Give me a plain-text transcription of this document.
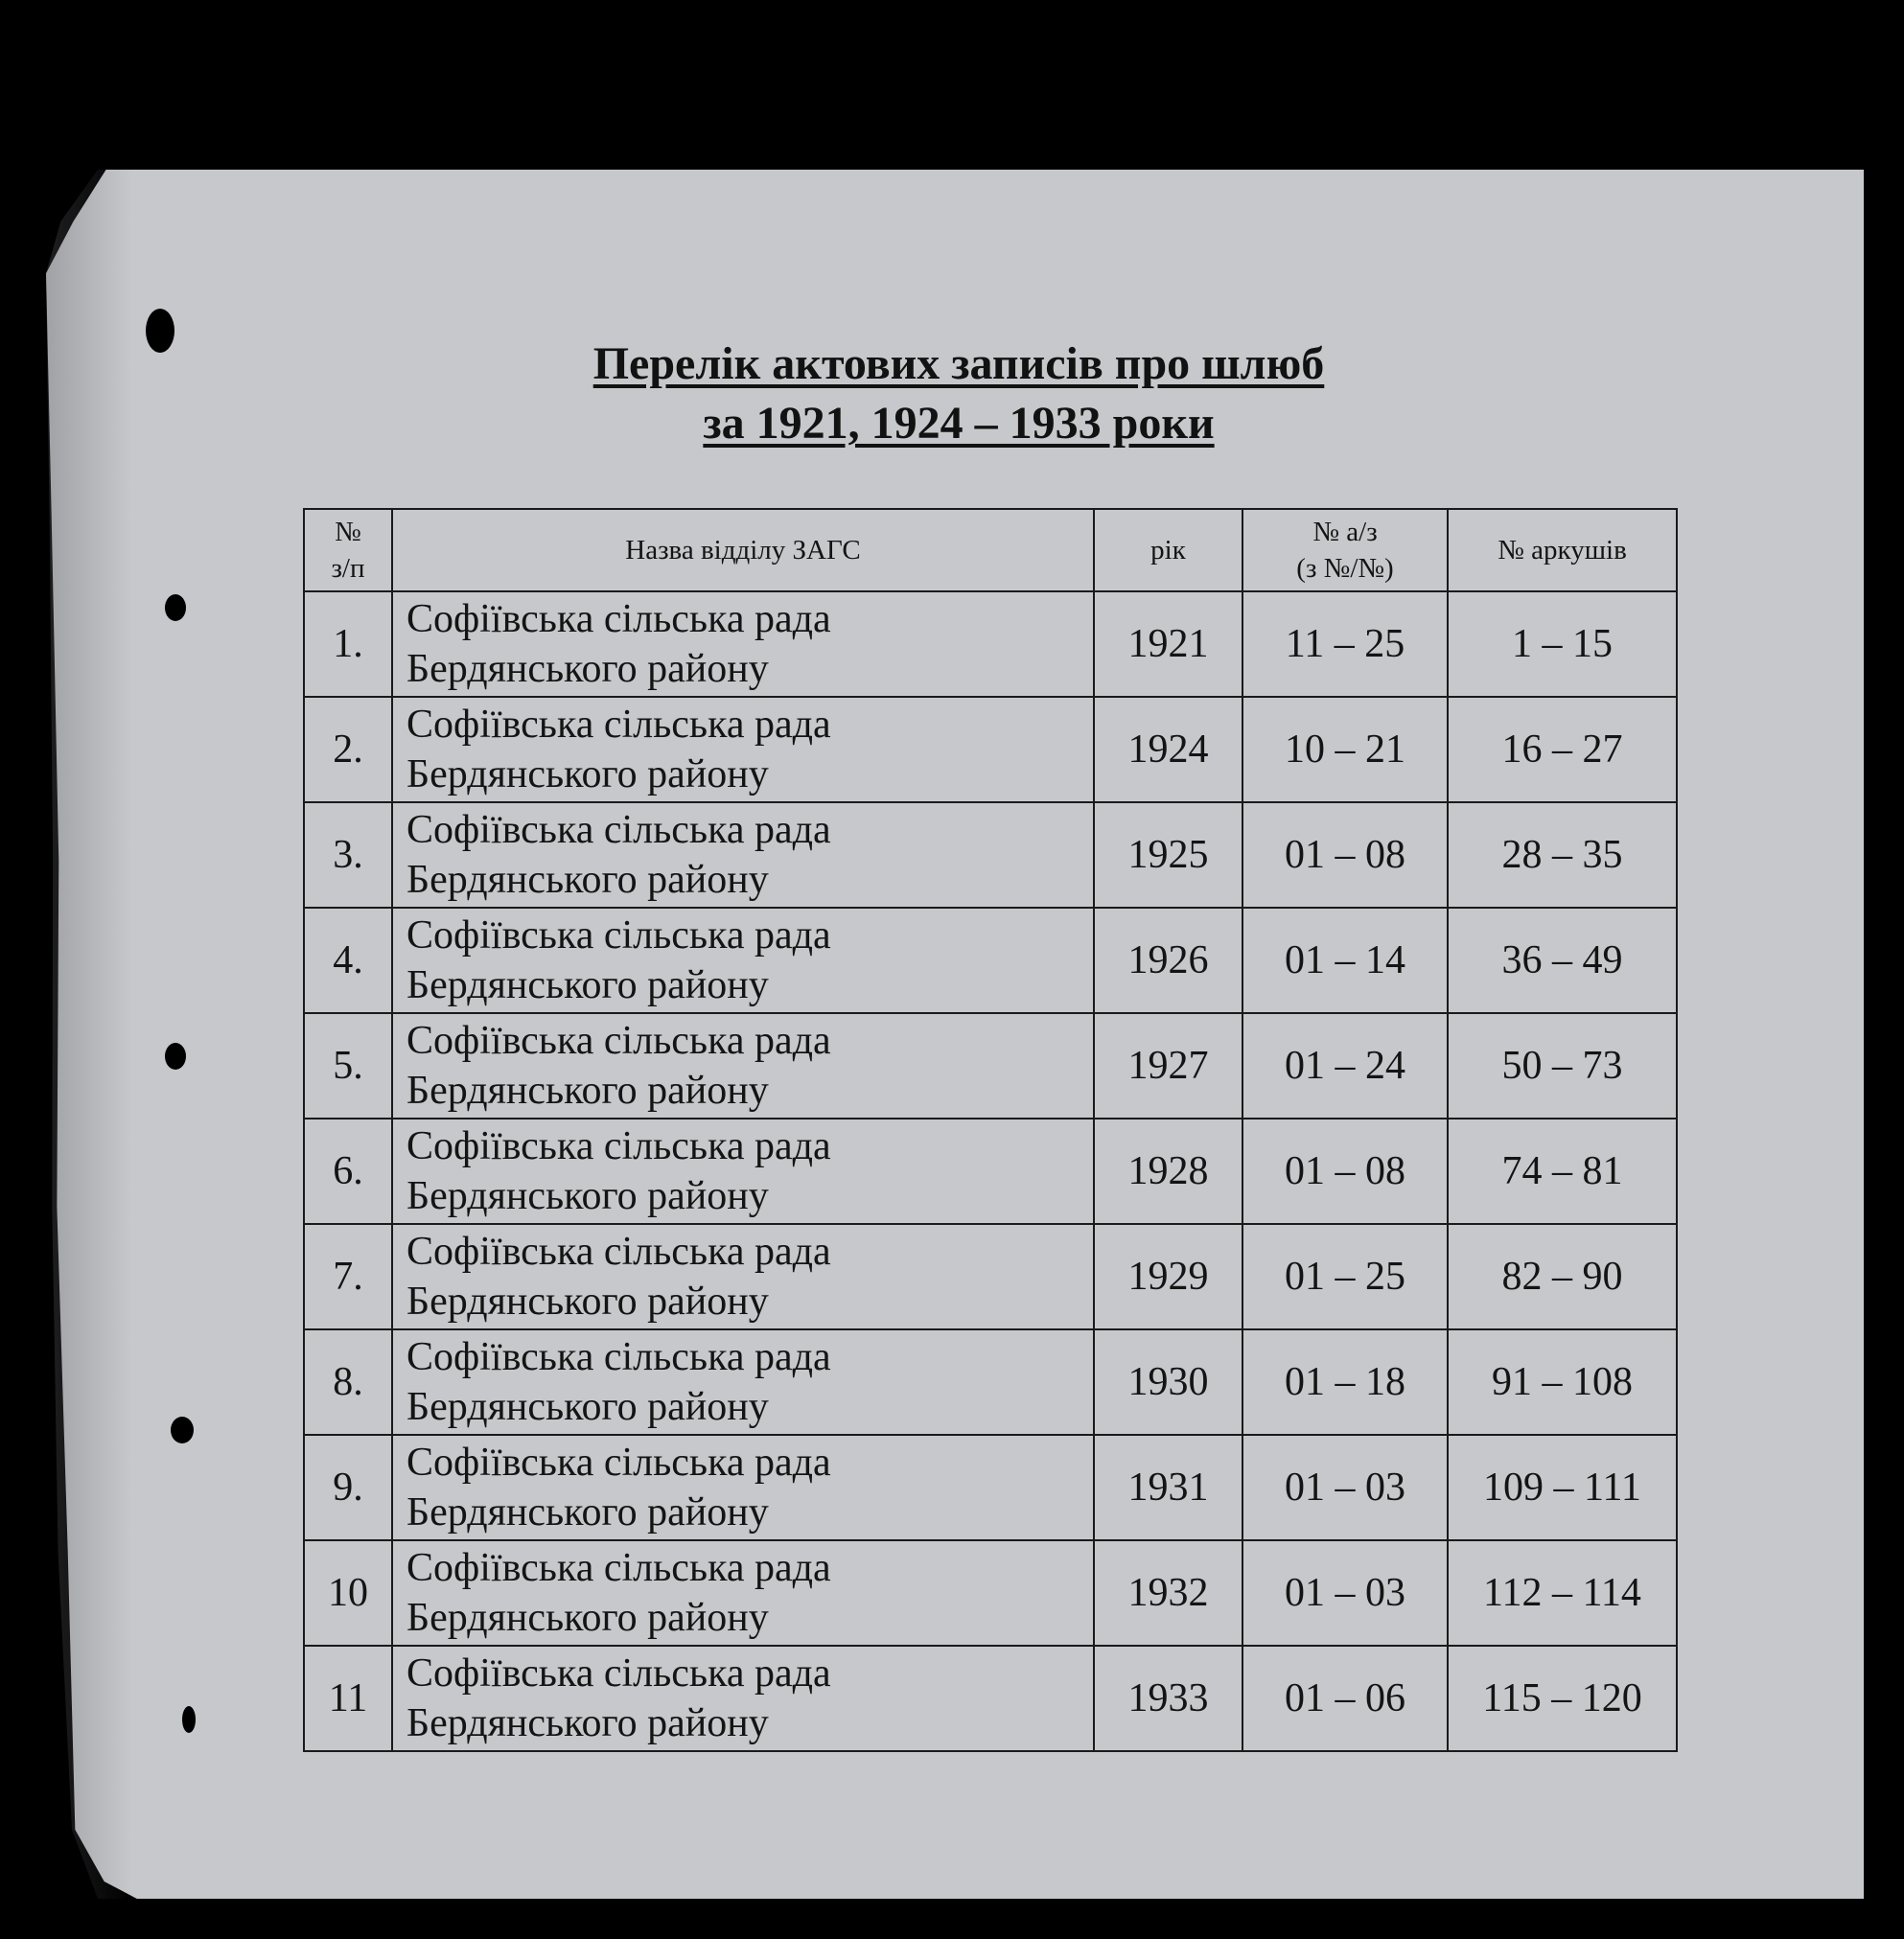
Перелік актових записів про шлюб
за 1921, 1924 – 1933 роки
№
з/п	Назва відділу ЗАГС	рік	№ а/з
(з №/№)	№ аркушів
1.	Софіївська сільська рада
Бердянського району	1921	11 – 25	1 – 15
2.	Софіївська сільська рада
Бердянського району	1924	10 – 21	16 – 27
3.	Софіївська сільська рада
Бердянського району	1925	01 – 08	28 – 35
4.	Софіївська сільська рада
Бердянського району	1926	01 – 14	36 – 49
5.	Софіївська сільська рада
Бердянського району	1927	01 – 24	50 – 73
6.	Софіївська сільська рада
Бердянського району	1928	01 – 08	74 – 81
7.	Софіївська сільська рада
Бердянського району	1929	01 – 25	82 – 90
8.	Софіївська сільська рада
Бердянського району	1930	01 – 18	91 – 108
9.	Софіївська сільська рада
Бердянського району	1931	01 – 03	109 – 111
10	Софіївська сільська рада
Бердянського району	1932	01 – 03	112 – 114
11	Софіївська сільська рада
Бердянського району	1933	01 – 06	115 – 120
